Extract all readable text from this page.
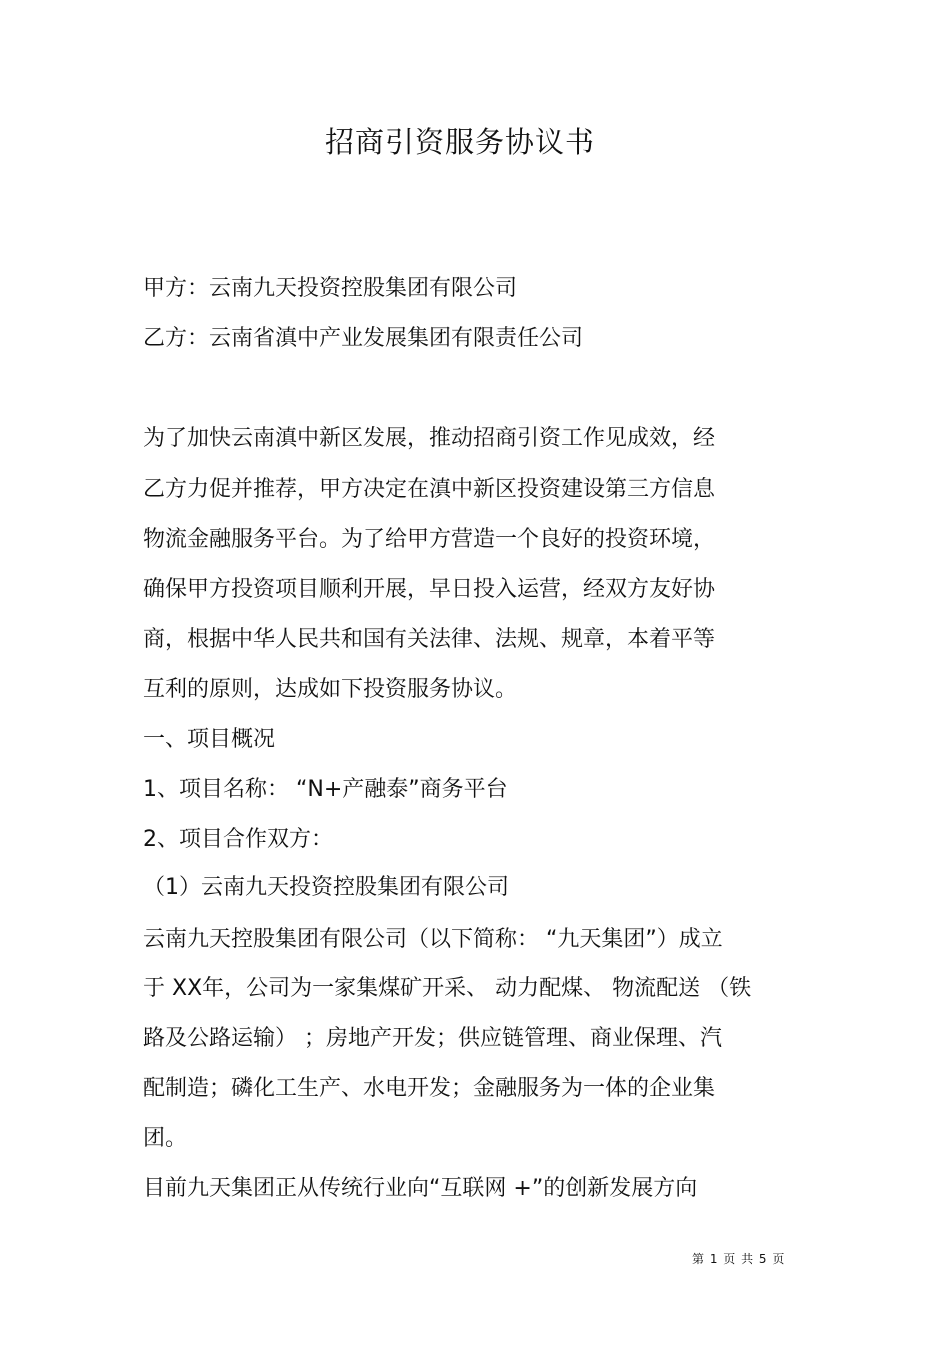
招商引资服务协议书
甲方：云南九天投资控股集团有限公司
乙方：云南省滇中产业发展集团有限责任公司
为了加快云南滇中新区发展，推动招商引资工作见成效，经
乙方力促并推荐，甲方决定在滇中新区投资建设第三方信息
物流金融服务平台。为了给甲方营造一个良好的投资环境，
确保甲方投资项目顺利开展，早日投入运营，经双方友好协
商，根据中华人民共和国有关法律、法规、规章，本着平等
互利的原则，达成如下投资服务协议。
一、项目概况
1、项目名称： “N+产融泰”商务平台
2、项目合作双方：
（1）云南九天投资控股集团有限公司
云南九天控股集团有限公司（以下简称： “九天集团”）成立
于 XX年，公司为一家集煤矿开采、 动力配煤、 物流配送 （铁
路及公路运输） ；房地产开发；供应链管理、商业保理、汽
配制造；磷化工生产、水电开发；金融服务为一体的企业集
团。
目前九天集团正从传统行业向“互联网 +”的创新发展方向
第 1 页 共 5 页
